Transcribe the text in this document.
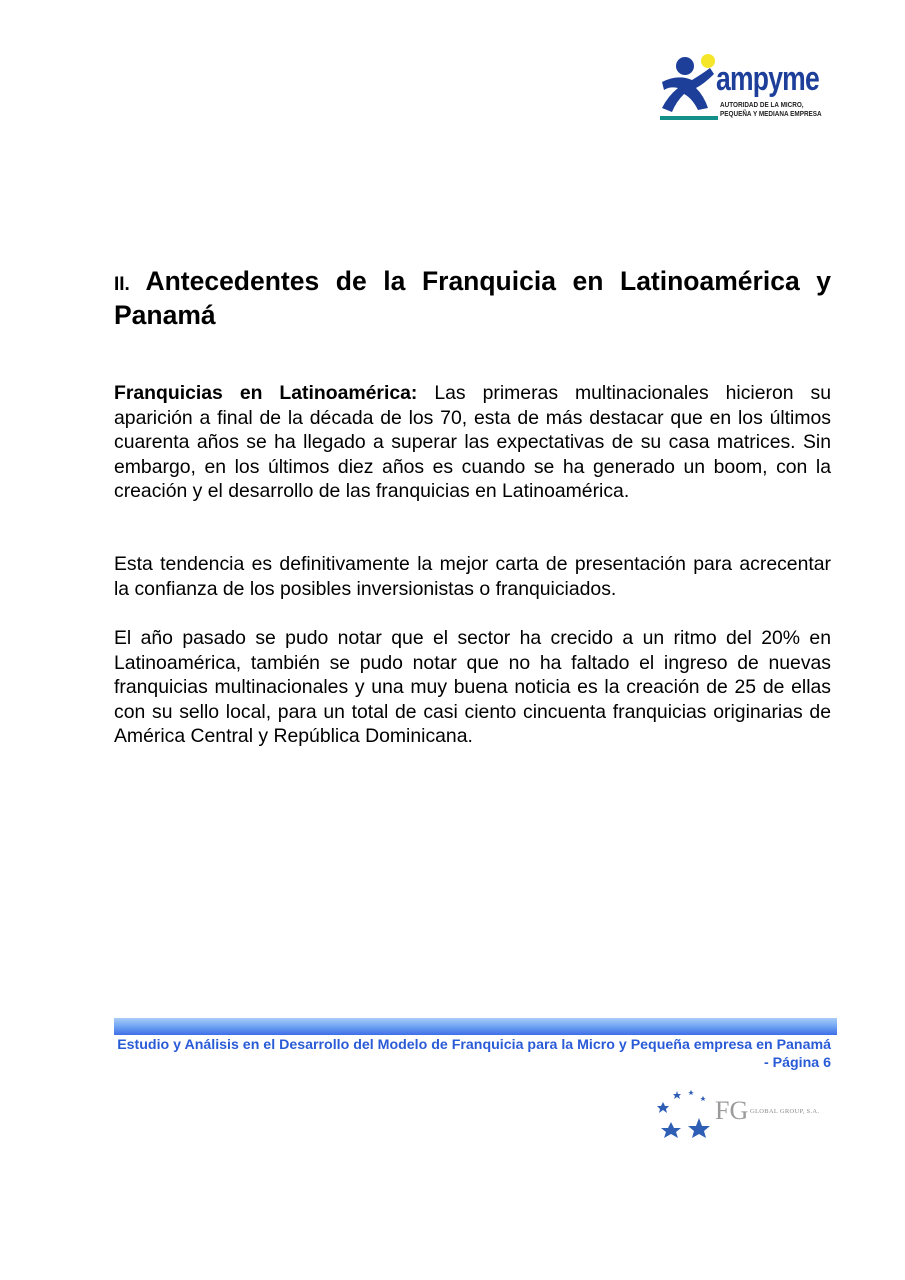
ampyme
AUTORIDAD DE LA MICRO,
PEQUEÑA Y MEDIANA EMPRESA
II. Antecedentes de la Franquicia en Latinoamérica y Panamá

Franquicias en Latinoamérica: Las primeras multinacionales hicieron su aparición a final de la década de los 70, esta de más destacar que en los últimos cuarenta años se ha llegado a superar las expectativas de su casa matrices. Sin embargo, en los últimos diez años es cuando se ha generado un boom, con la creación y el desarrollo de las franquicias en Latinoamérica.

Esta tendencia es definitivamente la mejor carta de presentación para acrecentar la confianza de los posibles inversionistas o franquiciados.

El año pasado se pudo notar que el sector ha crecido a un ritmo del 20% en Latinoamérica, también se pudo notar que no ha faltado el ingreso de nuevas franquicias multinacionales y una muy buena noticia es la creación de 25 de ellas con su sello local, para un total de casi ciento cincuenta franquicias originarias de América Central y República Dominicana.

Estudio y Análisis en el Desarrollo del Modelo de Franquicia para la Micro y Pequeña empresa en Panamá - Página 6
FG GLOBAL GROUP, S.A.
